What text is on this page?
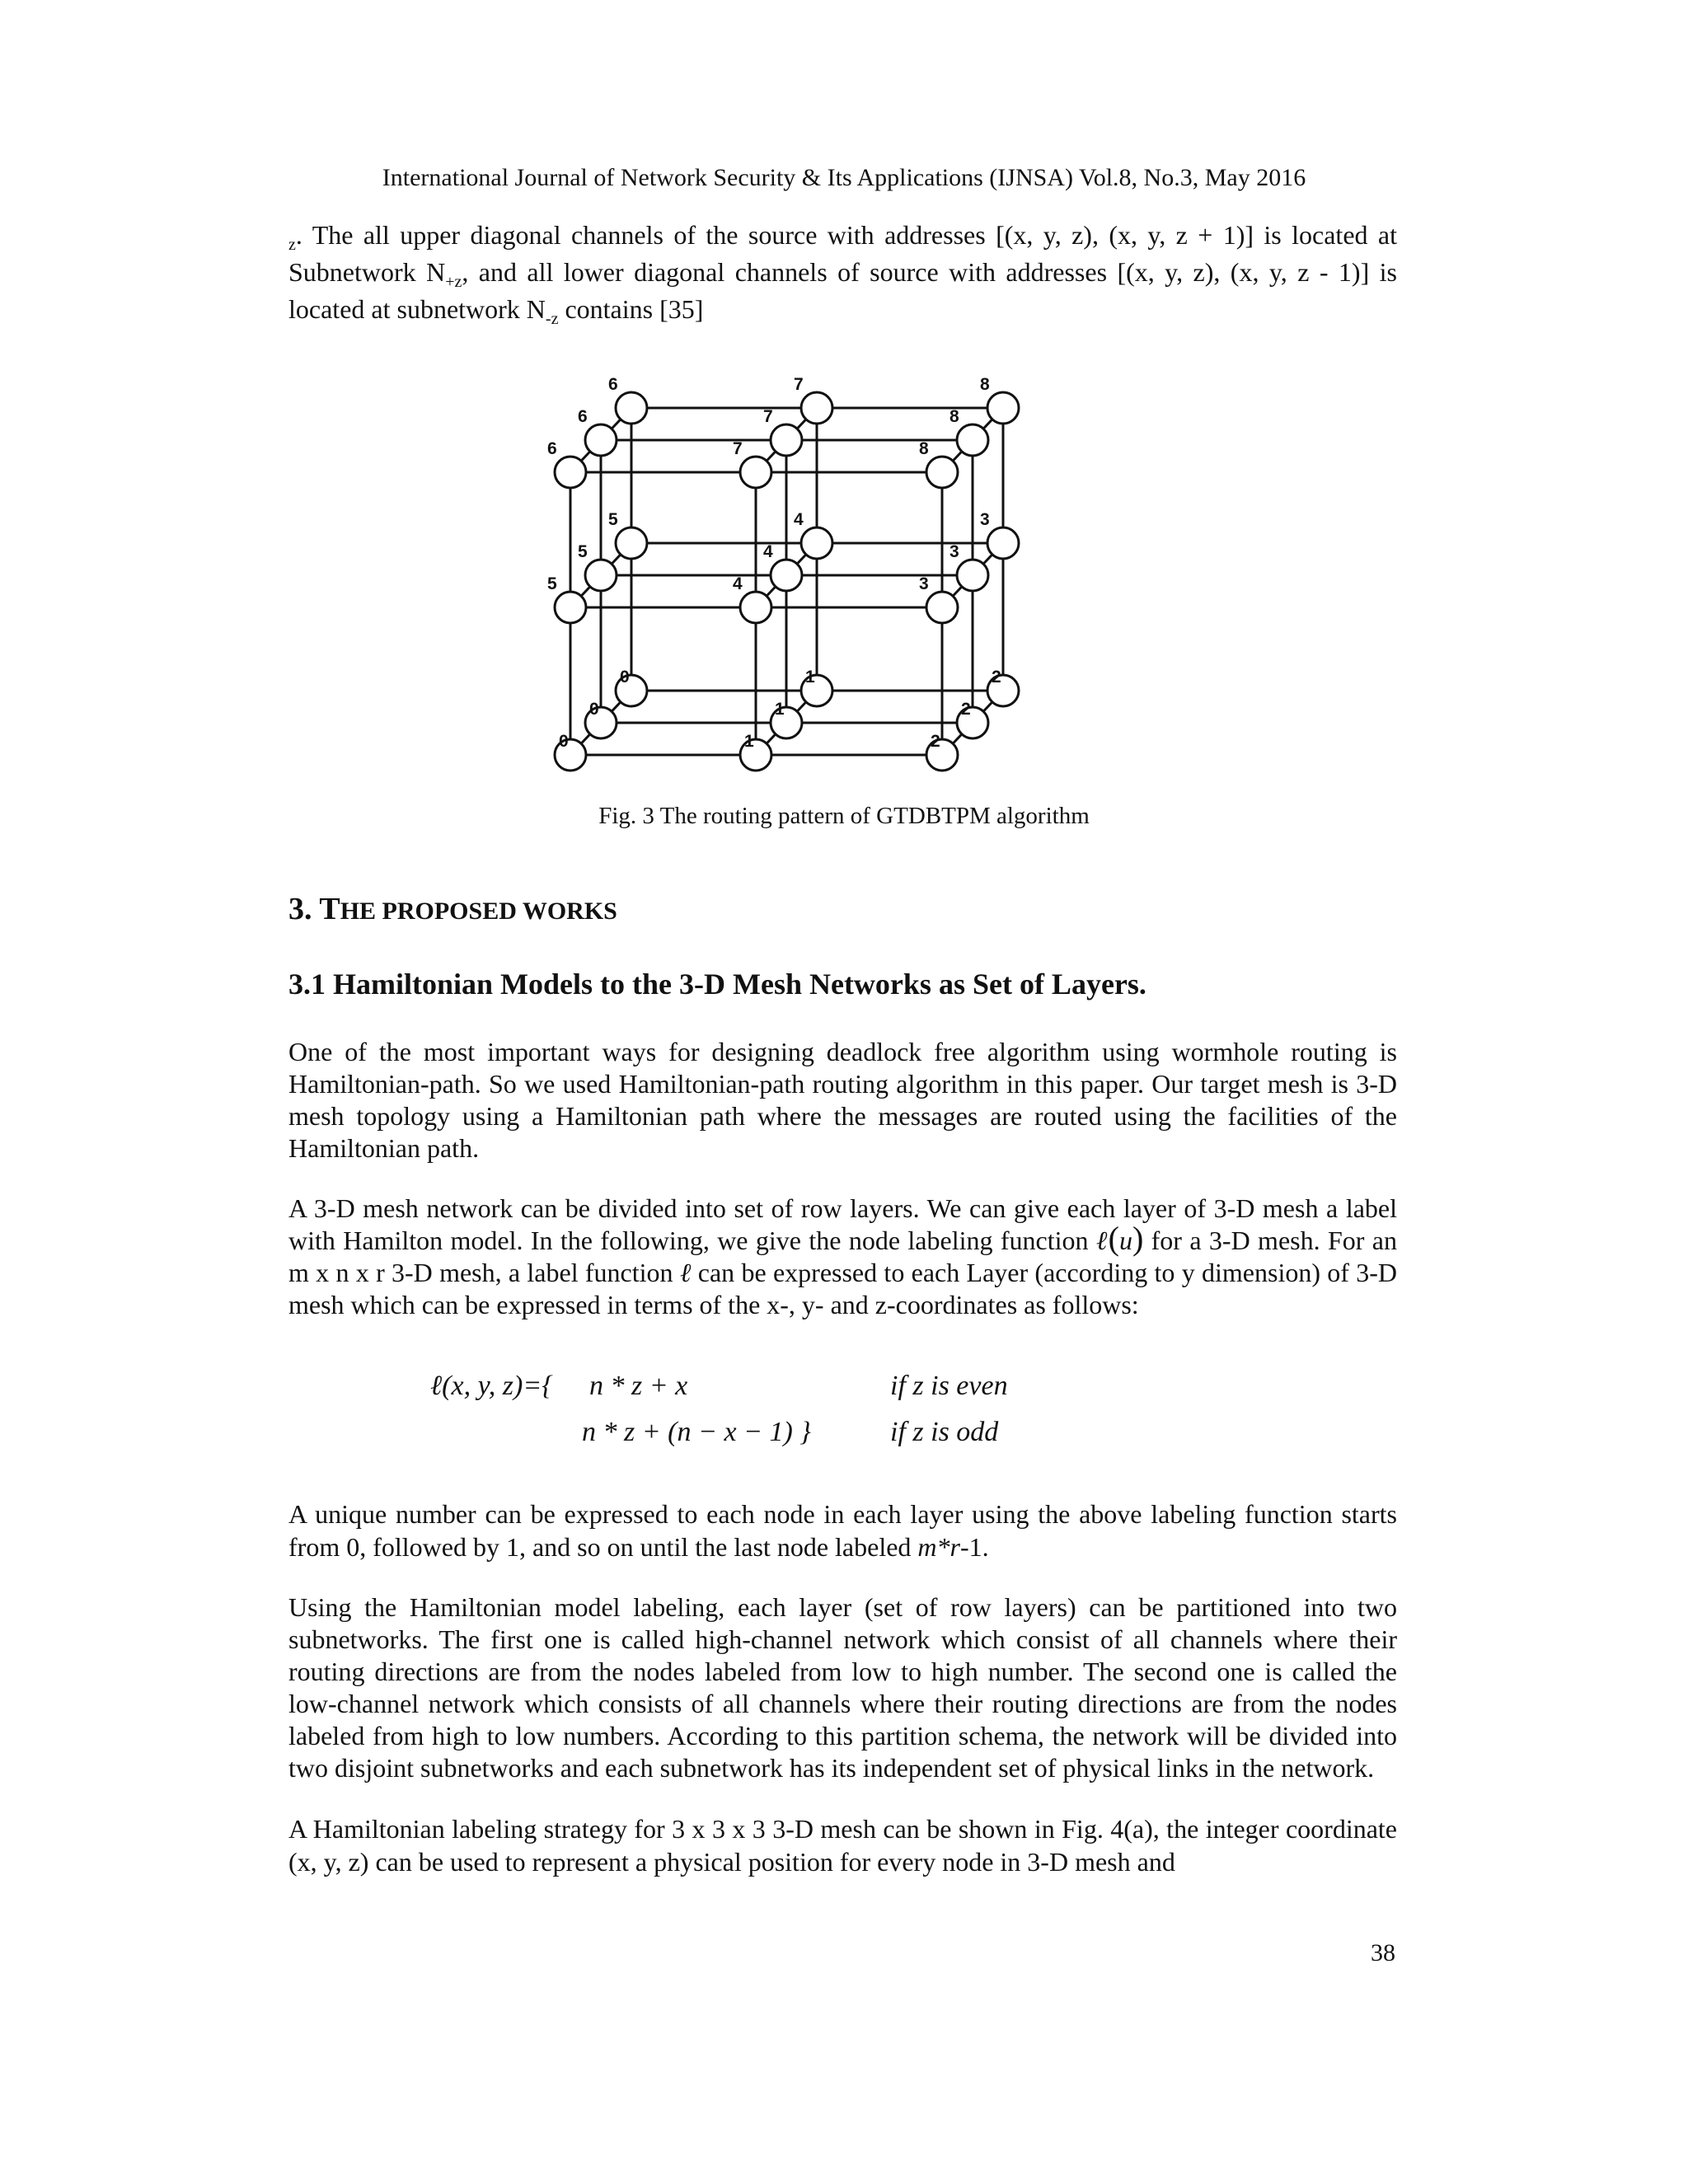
International Journal of Network Security & Its Applications (IJNSA) Vol.8, No.3, May 2016

$_z$. The all upper diagonal channels of the source with addresses [(x, y, z), (x, y, z + 1)] is located at Subnetwork $N_{+z}$, and all lower diagonal channels of source with addresses [(x, y, z), (x, y, z - 1)] is located at subnetwork $N_{-z}$ contains [35]

6	7	8
5	4	3
0	1	2
6	7	8
5	4	3
0	1	2
6	7	8
5	4	3
0	1	2
Fig. 3 The routing pattern of GTDBTPM algorithm
3. THE PROPOSED WORKS
3.1 Hamiltonian Models to the 3-D Mesh Networks as Set of Layers.

One of the most important ways for designing deadlock free algorithm using wormhole routing is Hamiltonian-path. So we used Hamiltonian-path routing algorithm in this paper. Our target mesh is 3-D mesh topology using a Hamiltonian path where the messages are routed using the facilities of the Hamiltonian path.

A 3-D mesh network can be divided into set of row layers. We can give each layer of 3-D mesh a label with Hamilton model. In the following, we give the node labeling function ℓ(u) for a 3-D mesh. For an m x n x r 3-D mesh, a label function ℓ can be expressed to each Layer (according to y dimension) of 3-D mesh which can be expressed in terms of the x-, y- and z-coordinates as follows:

ℓ(x, y, z)={ n * z + x	if z is even
n * z + (n − x − 1) }	if z is odd

A unique number can be expressed to each node in each layer using the above labeling function starts from 0, followed by 1, and so on until the last node labeled m*r-1.

Using the Hamiltonian model labeling, each layer (set of row layers) can be partitioned into two subnetworks. The first one is called high-channel network which consist of all channels where their routing directions are from the nodes labeled from low to high number. The second one is called the low-channel network which consists of all channels where their routing directions are from the nodes labeled from high to low numbers. According to this partition schema, the network will be divided into two disjoint subnetworks and each subnetwork has its independent set of physical links in the network.

A Hamiltonian labeling strategy for 3 x 3 x 3 3-D mesh can be shown in Fig. 4(a), the integer coordinate (x, y, z) can be used to represent a physical position for every node in 3-D mesh and

38
